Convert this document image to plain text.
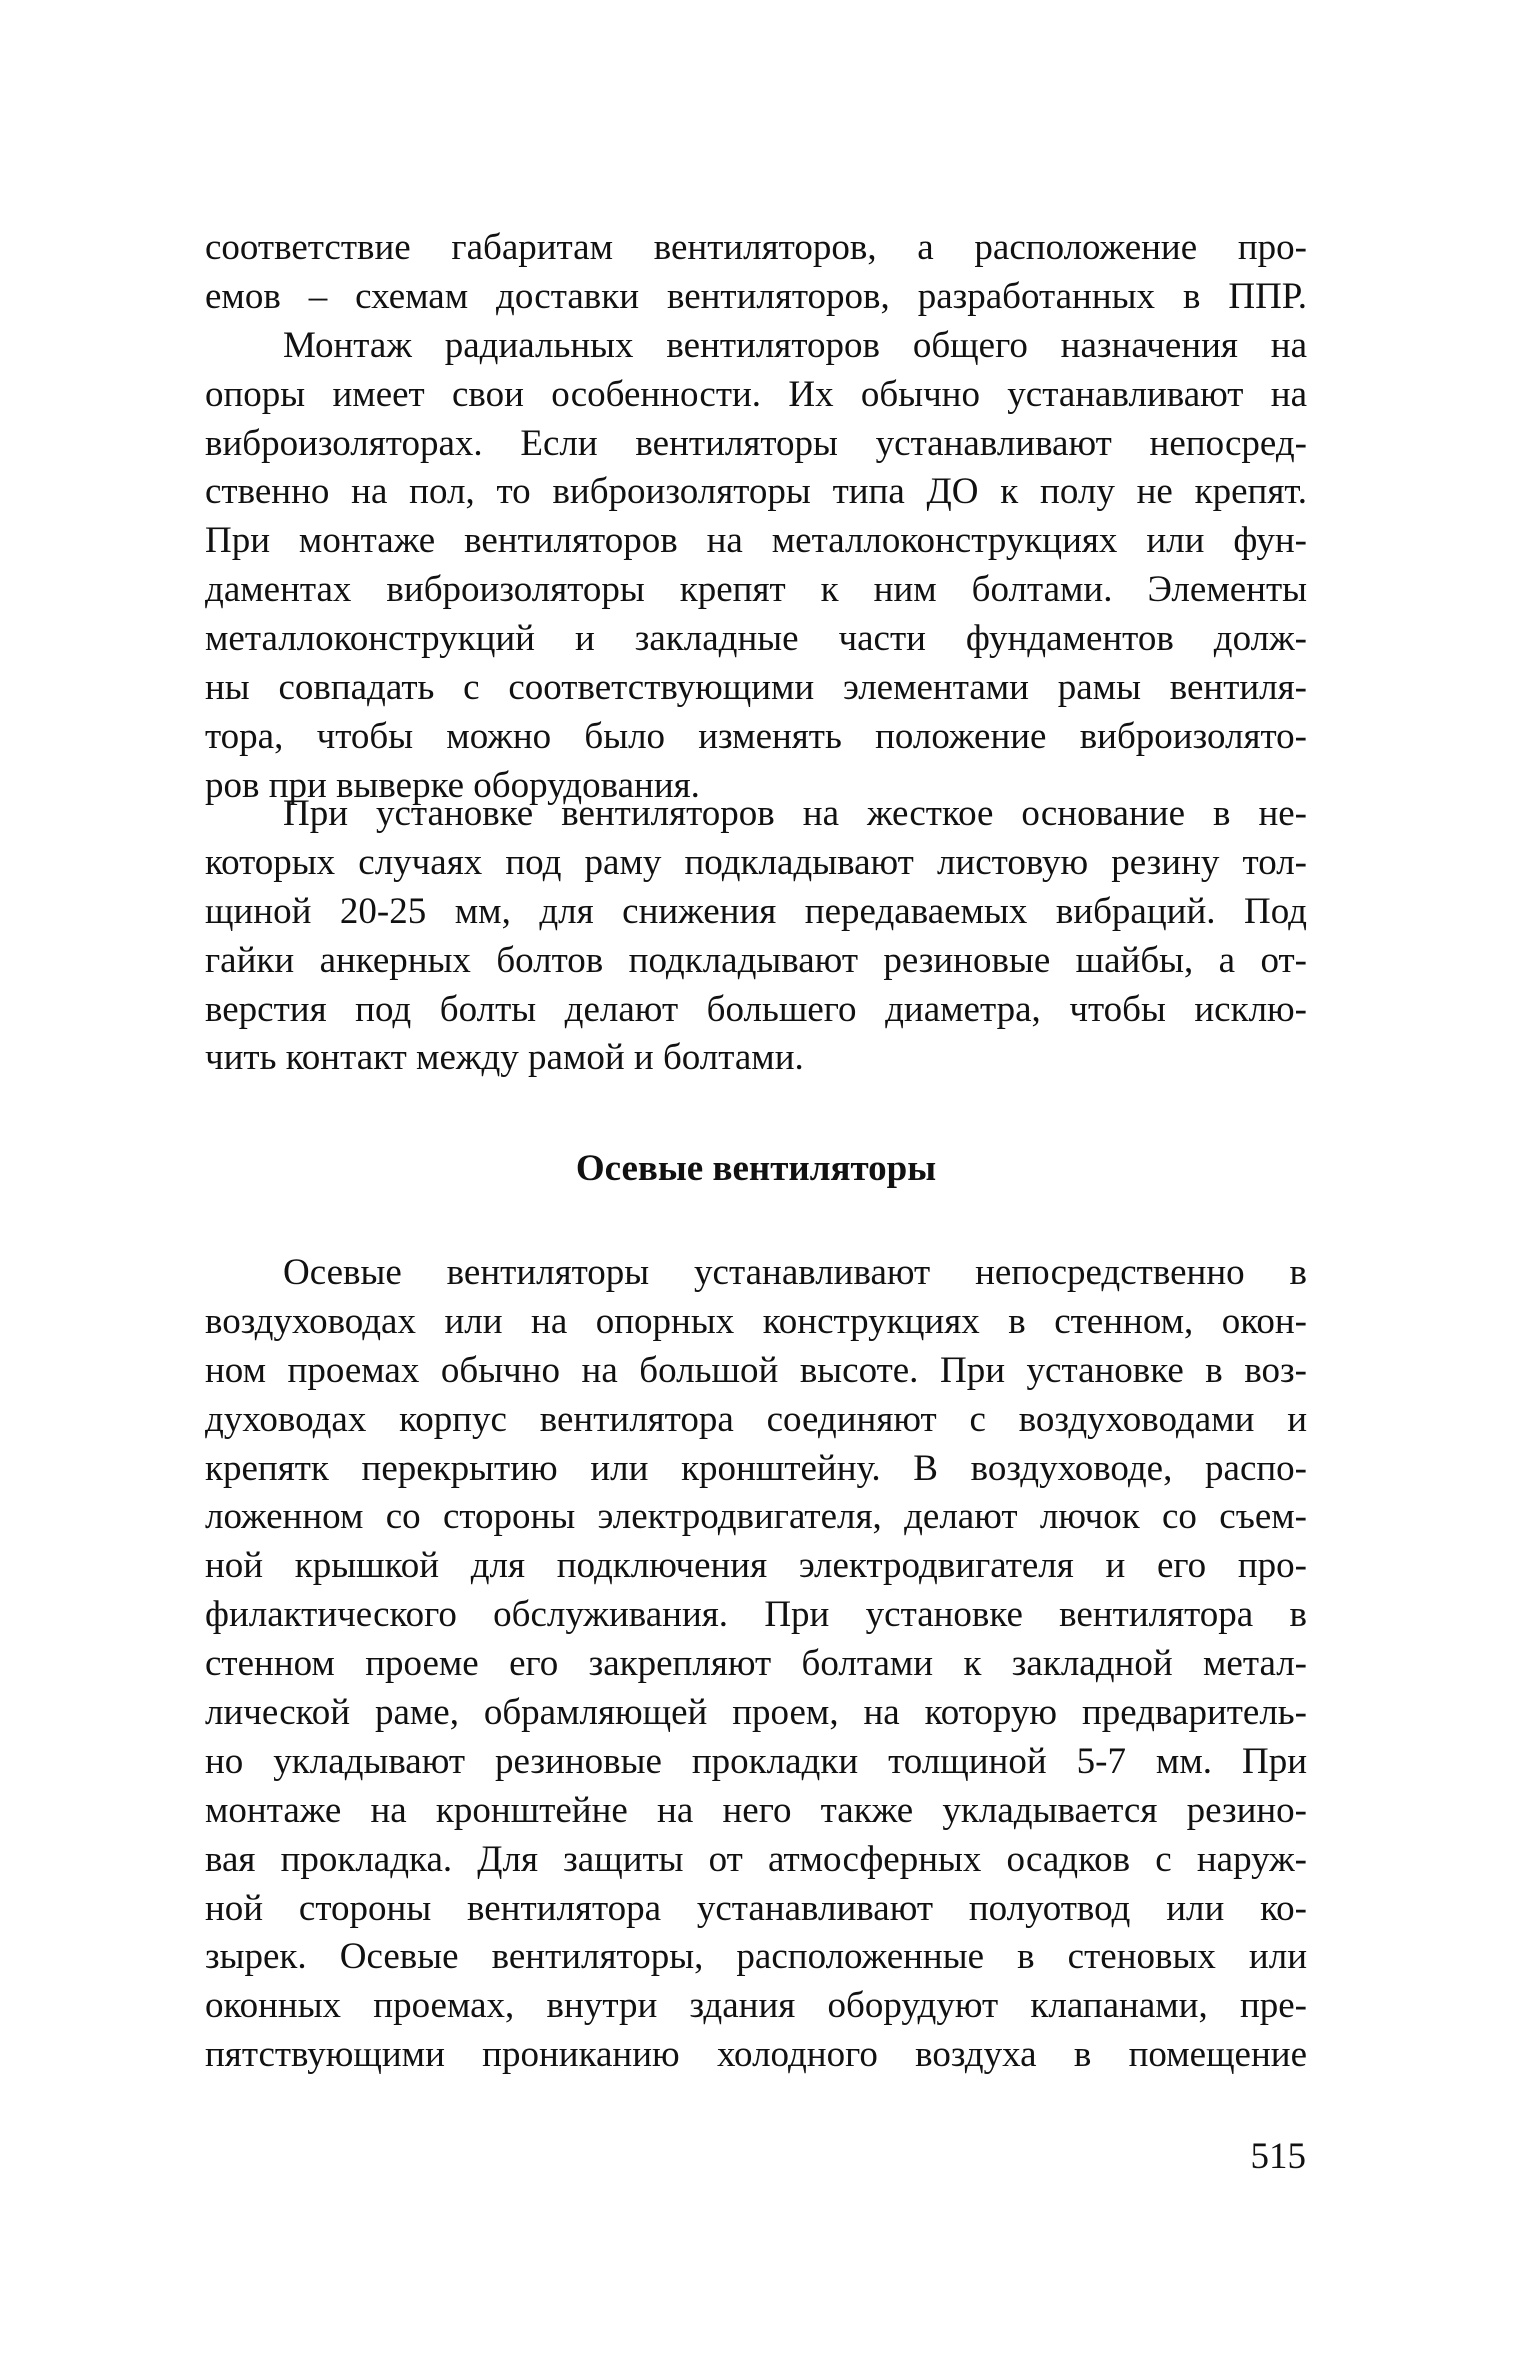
соответствие габаритам вентиляторов, а расположение про-
емов – схемам доставки вентиляторов, разработанных в ППР.
Монтаж радиальных вентиляторов общего назначения на
опоры имеет свои особенности. Их обычно устанавливают на
виброизоляторах. Если вентиляторы устанавливают непосред-
ственно на пол, то виброизоляторы типа ДО к полу не крепят.
При монтаже вентиляторов на металлоконструкциях или фун-
даментах виброизоляторы крепят к ним болтами. Элементы
металлоконструкций и закладные части фундаментов долж-
ны совпадать с соответствующими элементами рамы вентиля-
тора, чтобы можно было изменять положение виброизолято-
ров при выверке оборудования.
При установке вентиляторов на жесткое основание в не-
которых случаях под раму подкладывают листовую резину тол-
щиной 20-25 мм, для снижения передаваемых вибраций. Под
гайки анкерных болтов подкладывают резиновые шайбы, а от-
верстия под болты делают большего диаметра, чтобы исклю-
чить контакт между рамой и болтами.
Осевые вентиляторы
Осевые вентиляторы устанавливают непосредственно в
воздуховодах или на опорных конструкциях в стенном, окон-
ном проемах обычно на большой высоте. При установке в воз-
духоводах корпус вентилятора соединяют с воздуховодами и
крепятк перекрытию или кронштейну. В воздуховоде, распо-
ложенном со стороны электродвигателя, делают лючок со съем-
ной крышкой для подключения электродвигателя и его про-
филактического обслуживания. При установке вентилятора в
стенном проеме его закрепляют болтами к закладной метал-
лической раме, обрамляющей проем, на которую предваритель-
но укладывают резиновые прокладки толщиной 5-7 мм. При
монтаже на кронштейне на него также укладывается резино-
вая прокладка. Для защиты от атмосферных осадков с наруж-
ной стороны вентилятора устанавливают полуотвод или ко-
зырек. Осевые вентиляторы, расположенные в стеновых или
оконных проемах, внутри здания оборудуют клапанами, пре-
пятствующими прониканию холодного воздуха в помещение
515
